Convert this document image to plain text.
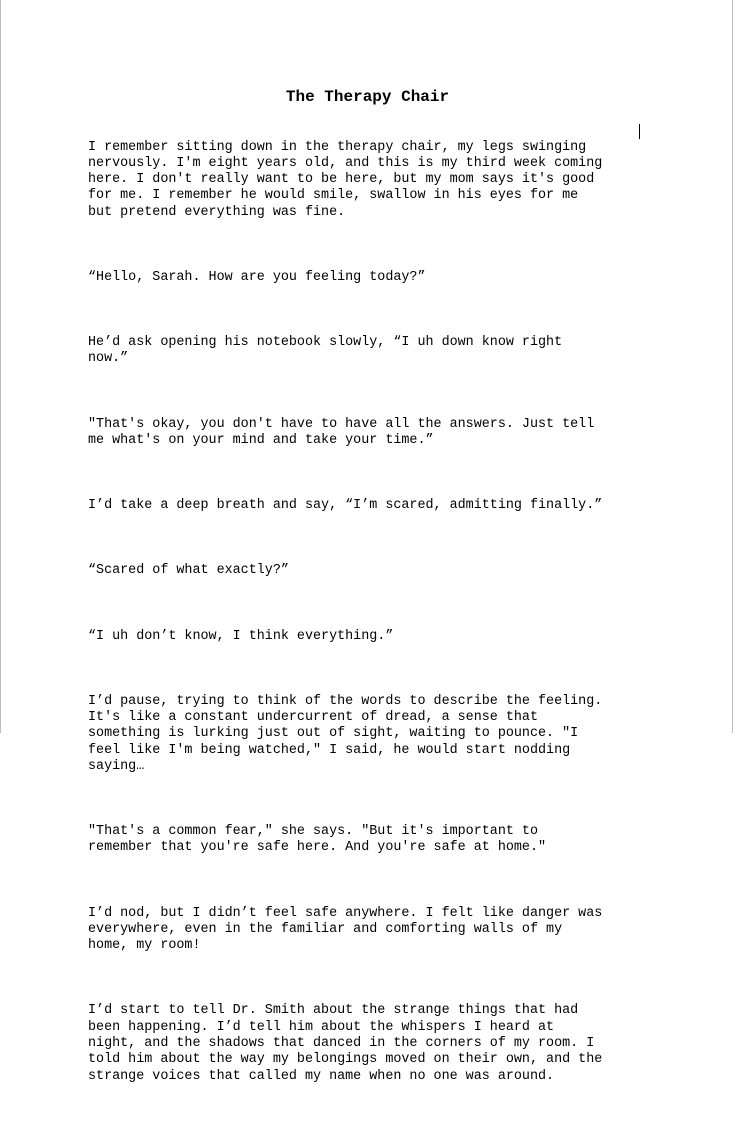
The Therapy Chair

I remember sitting down in the therapy chair, my legs swinging
nervously. I'm eight years old, and this is my third week coming
here. I don't really want to be here, but my mom says it's good
for me. I remember he would smile, swallow in his eyes for me
but pretend everything was fine.

“Hello, Sarah. How are you feeling today?”

He’d ask opening his notebook slowly, “I uh down know right
now.”

"That's okay, you don't have to have all the answers. Just tell
me what's on your mind and take your time.”

I’d take a deep breath and say, “I’m scared, admitting finally.”

“Scared of what exactly?”

“I uh don’t know, I think everything.”

I’d pause, trying to think of the words to describe the feeling.
It's like a constant undercurrent of dread, a sense that
something is lurking just out of sight, waiting to pounce. "I
feel like I'm being watched," I said, he would start nodding
saying…

"That's a common fear," she says. "But it's important to
remember that you're safe here. And you're safe at home."

I’d nod, but I didn’t feel safe anywhere. I felt like danger was
everywhere, even in the familiar and comforting walls of my
home, my room!

I’d start to tell Dr. Smith about the strange things that had
been happening. I’d tell him about the whispers I heard at
night, and the shadows that danced in the corners of my room. I
told him about the way my belongings moved on their own, and the
strange voices that called my name when no one was around.
